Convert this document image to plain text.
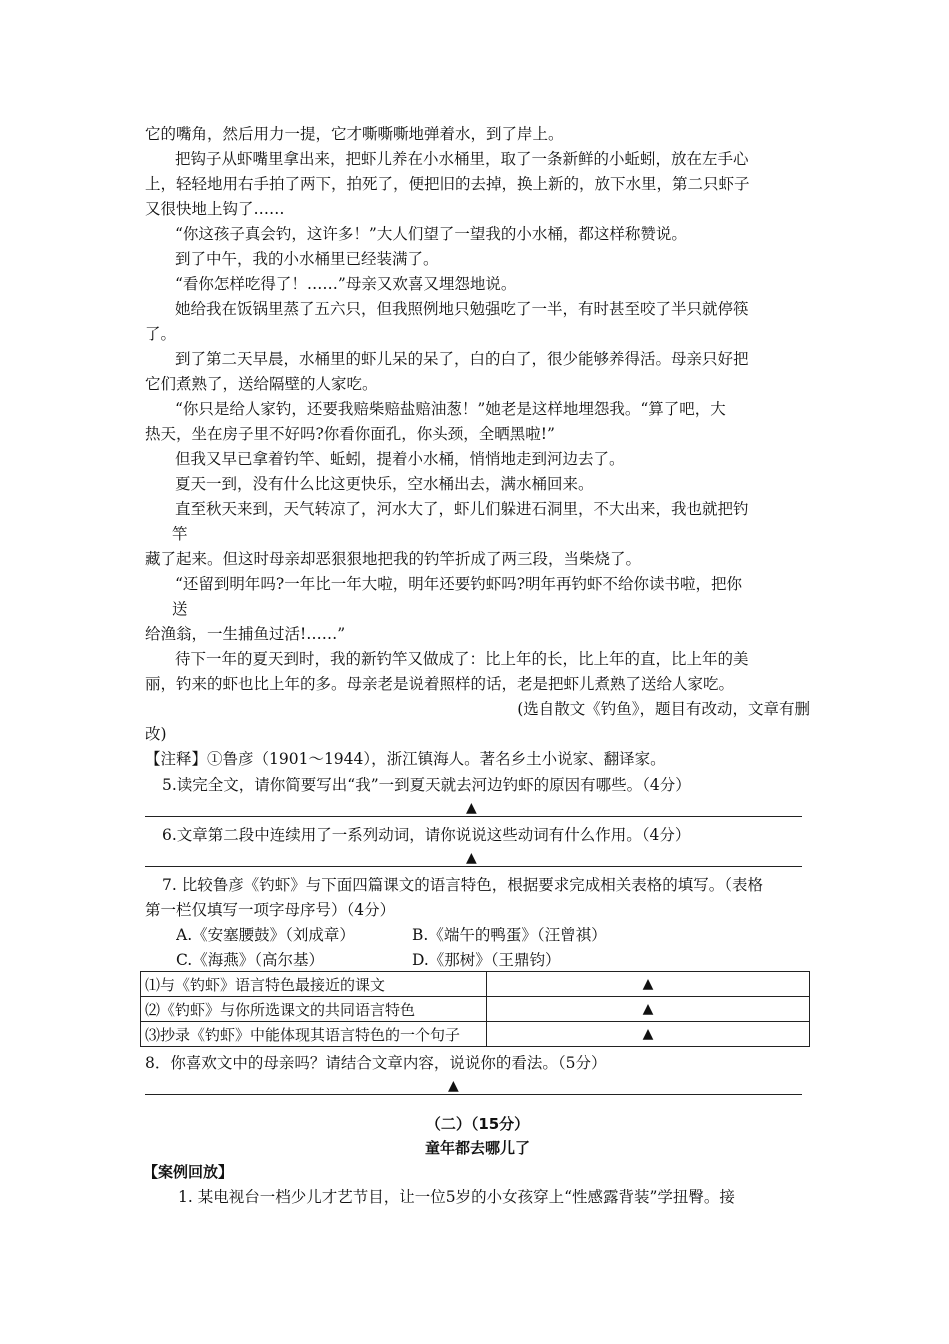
它的嘴角，然后用力一提，它才嘶嘶嘶地弹着水，到了岸上。
把钩子从虾嘴里拿出来，把虾儿养在小水桶里，取了一条新鲜的小蚯蚓，放在左手心
上，轻轻地用右手拍了两下，拍死了，便把旧的去掉，换上新的，放下水里，第二只虾子
又很快地上钩了……
“你这孩子真会钓，这许多！”大人们望了一望我的小水桶，都这样称赞说。
到了中午，我的小水桶里已经装满了。
“看你怎样吃得了！……”母亲又欢喜又埋怨地说。
她给我在饭锅里蒸了五六只，但我照例地只勉强吃了一半，有时甚至咬了半只就停筷
了。
到了第二天早晨，水桶里的虾儿呆的呆了，白的白了，很少能够养得活。母亲只好把
它们煮熟了，送给隔壁的人家吃。
“你只是给人家钓，还要我赔柴赔盐赔油葱！”她老是这样地埋怨我。“算了吧，大
热天，坐在房子里不好吗?你看你面孔，你头颈，全晒黑啦!”
但我又早已拿着钓竿、蚯蚓，提着小水桶，悄悄地走到河边去了。
夏天一到，没有什么比这更快乐，空水桶出去，满水桶回来。
直至秋天来到，天气转凉了，河水大了，虾儿们躲进石洞里，不大出来，我也就把钓
竿
藏了起来。但这时母亲却恶狠狠地把我的钓竿折成了两三段，当柴烧了。
“还留到明年吗?一年比一年大啦，明年还要钓虾吗?明年再钓虾不给你读书啦，把你
送
给渔翁，一生捕鱼过活!……”
待下一年的夏天到时，我的新钓竿又做成了：比上年的长，比上年的直，比上年的美
丽，钓来的虾也比上年的多。母亲老是说着照样的话，老是把虾儿煮熟了送给人家吃。
(选自散文《钓鱼》，题目有改动，文章有删
改)
【注释】①鲁彦（1901～1944），浙江镇海人。著名乡土小说家、翻译家。
5.读完全文，请你简要写出“我”一到夏天就去河边钓虾的原因有哪些。（4分）
▲
6.文章第二段中连续用了一系列动词，请你说说这些动词有什么作用。（4分）
▲
7. 比较鲁彦《钓虾》与下面四篇课文的语言特色，根据要求完成相关表格的填写。（表格
第一栏仅填写一项字母序号）（4分）
A.《安塞腰鼓》（刘成章）	B.《端午的鸭蛋》（汪曾祺）
C.《海燕》（高尔基）	D.《那树》（王鼎钧）
⑴与《钓虾》语言特色最接近的课文	▲
⑵《钓虾》与你所选课文的共同语言特色	▲
⑶抄录《钓虾》中能体现其语言特色的一个句子	▲
8．你喜欢文中的母亲吗？请结合文章内容，说说你的看法。（5分）
▲
（二）（15分）
童年都去哪儿了
【案例回放】
1. 某电视台一档少儿才艺节目，让一位5岁的小女孩穿上“性感露背装”学扭臀。接
